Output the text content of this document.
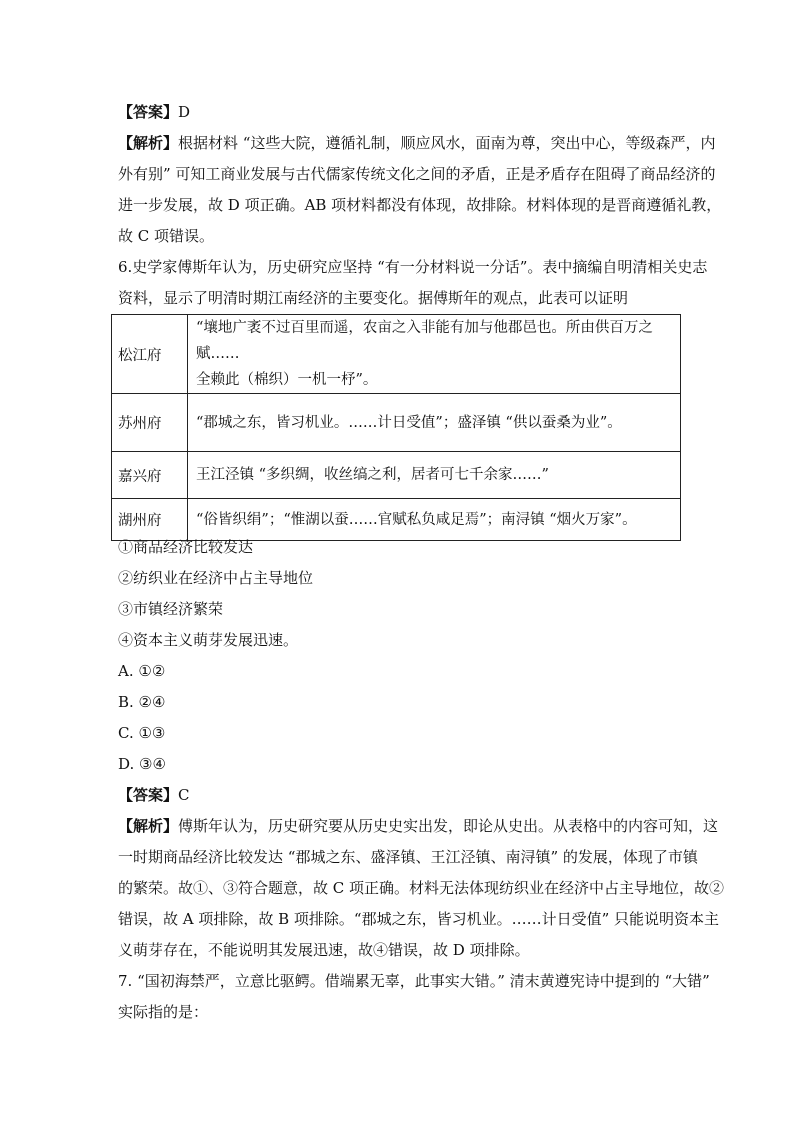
【答案】D
【解析】根据材料 “这些大院，遵循礼制，顺应风水，面南为尊，突出中心，等级森严，内
外有别” 可知工商业发展与古代儒家传统文化之间的矛盾，正是矛盾存在阻碍了商品经济的
进一步发展，故 D 项正确。AB 项材料都没有体现，故排除。材料体现的是晋商遵循礼教，
故 C 项错误。
6.史学家傅斯年认为，历史研究应坚持 “有一分材料说一分话”。表中摘编自明清相关史志
资料，显示了明清时期江南经济的主要变化。据傅斯年的观点，此表可以证明
松江府	“壤地广袤不过百里而遥，农亩之入非能有加与他郡邑也。所由供百万之赋……
全赖此（棉织）一机一杼”。

苏州府	“郡城之东，皆习机业。……计日受值”；盛泽镇 “供以蚕桑为业”。

嘉兴府	王江泾镇 “多织绸，收丝缟之利，居者可七千余家……”

湖州府	“俗皆织绢”；“惟湖以蚕……官赋私负咸足焉”；南浔镇 “烟火万家”。
①商品经济比较发达
②纺织业在经济中占主导地位
③市镇经济繁荣
④资本主义萌芽发展迅速。
A. ①②
B. ②④
C. ①③
D. ③④
【答案】C
【解析】傅斯年认为，历史研究要从历史史实出发，即论从史出。从表格中的内容可知，这
一时期商品经济比较发达 “郡城之东、盛泽镇、王江泾镇、南浔镇” 的发展，体现了市镇
的繁荣。故①、③符合题意，故 C 项正确。材料无法体现纺织业在经济中占主导地位，故②
错误，故 A 项排除，故 B 项排除。“郡城之东，皆习机业。……计日受值” 只能说明资本主
义萌芽存在，不能说明其发展迅速，故④错误，故 D 项排除。
7. “国初海禁严，立意比驱鳄。借端累无辜，此事实大错。” 清末黄遵宪诗中提到的 “大错”
实际指的是：
